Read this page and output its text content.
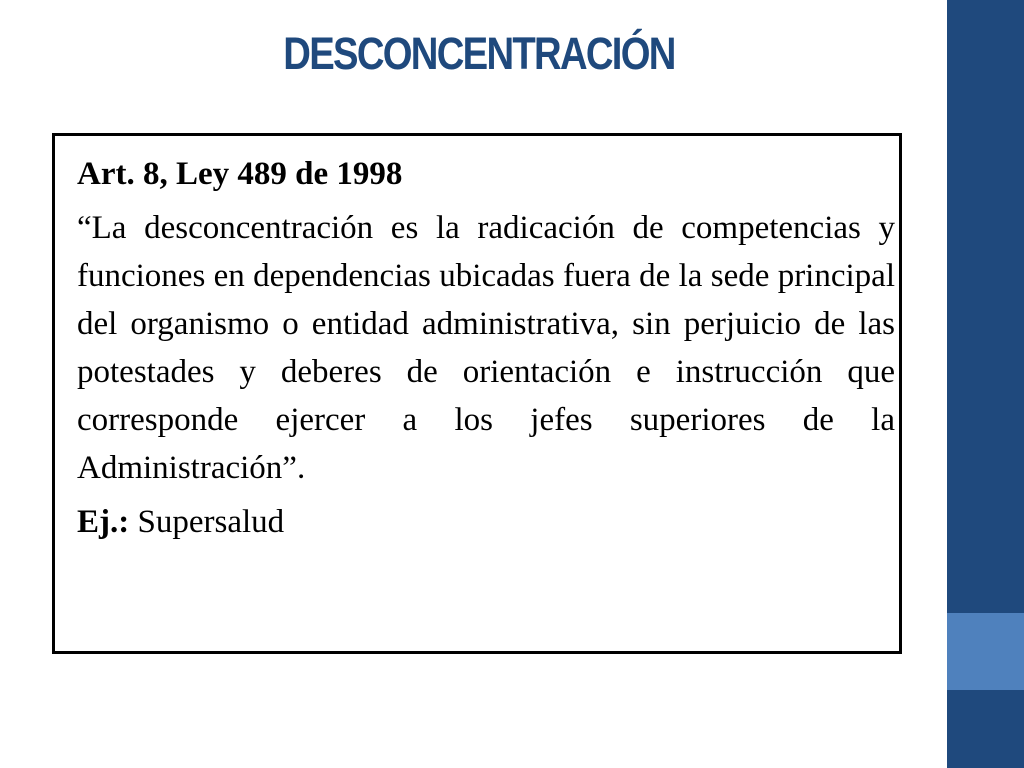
DESCONCENTRACIÓN

Art. 8, Ley 489 de 1998

“La desconcentración es la radicación de competencias y funciones en dependencias ubicadas fuera de la sede principal del organismo o entidad administrativa, sin perjuicio de las potestades y deberes de orientación e instrucción que corresponde ejercer a los jefes superiores de la Administración”.

Ej.: Supersalud
